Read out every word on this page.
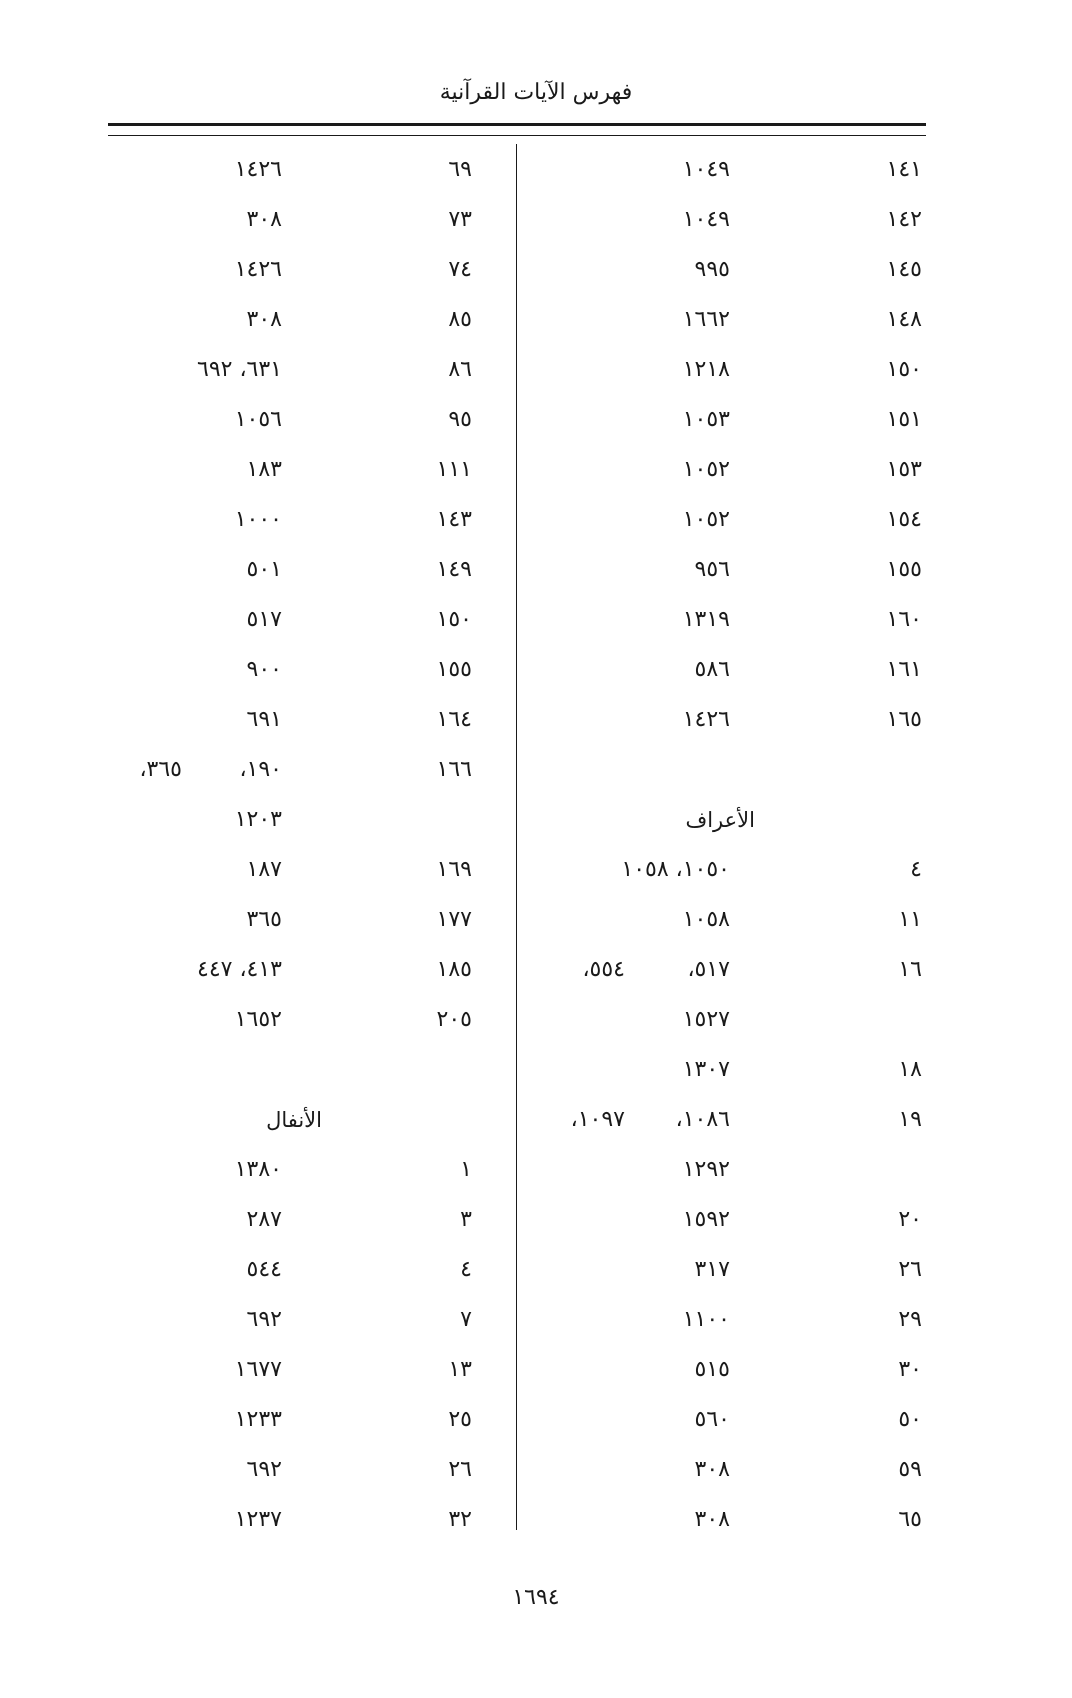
فهرس الآيات القرآنية
١٤١
١٠٤٩
١٤٢
١٠٤٩
١٤٥
٩٩٥
١٤٨
١٦٦٢
١٥٠
١٢١٨
١٥١
١٠٥٣
١٥٣
١٠٥٢
١٥٤
١٠٥٢
١٥٥
٩٥٦
١٦٠
١٣١٩
١٦١
٥٨٦
١٦٥
١٤٢٦
الأعراف
٤
١٠٥٠، ١٠٥٨
١١
١٠٥٨
١٦
٥١٧،
٥٥٤،
١٥٢٧
١٨
١٣٠٧
١٩
١٠٨٦،
١٠٩٧،
١٢٩٢
٢٠
١٥٩٢
٢٦
٣١٧
٢٩
١١٠٠
٣٠
٥١٥
٥٠
٥٦٠
٥٩
٣٠٨
٦٥
٣٠٨
٦٩
١٤٢٦
٧٣
٣٠٨
٧٤
١٤٢٦
٨٥
٣٠٨
٨٦
٦٣١، ٦٩٢
٩٥
١٠٥٦
١١١
١٨٣
١٤٣
١٠٠٠
١٤٩
٥٠١
١٥٠
٥١٧
١٥٥
٩٠٠
١٦٤
٦٩١
١٦٦
١٩٠،
٣٦٥،
١٢٠٣
١٦٩
١٨٧
١٧٧
٣٦٥
١٨٥
٤١٣، ٤٤٧
٢٠٥
١٦٥٢
الأنفال
١
١٣٨٠
٣
٢٨٧
٤
٥٤٤
٧
٦٩٢
١٣
١٦٧٧
٢٥
١٢٣٣
٢٦
٦٩٢
٣٢
١٢٣٧
١٦٩٤
